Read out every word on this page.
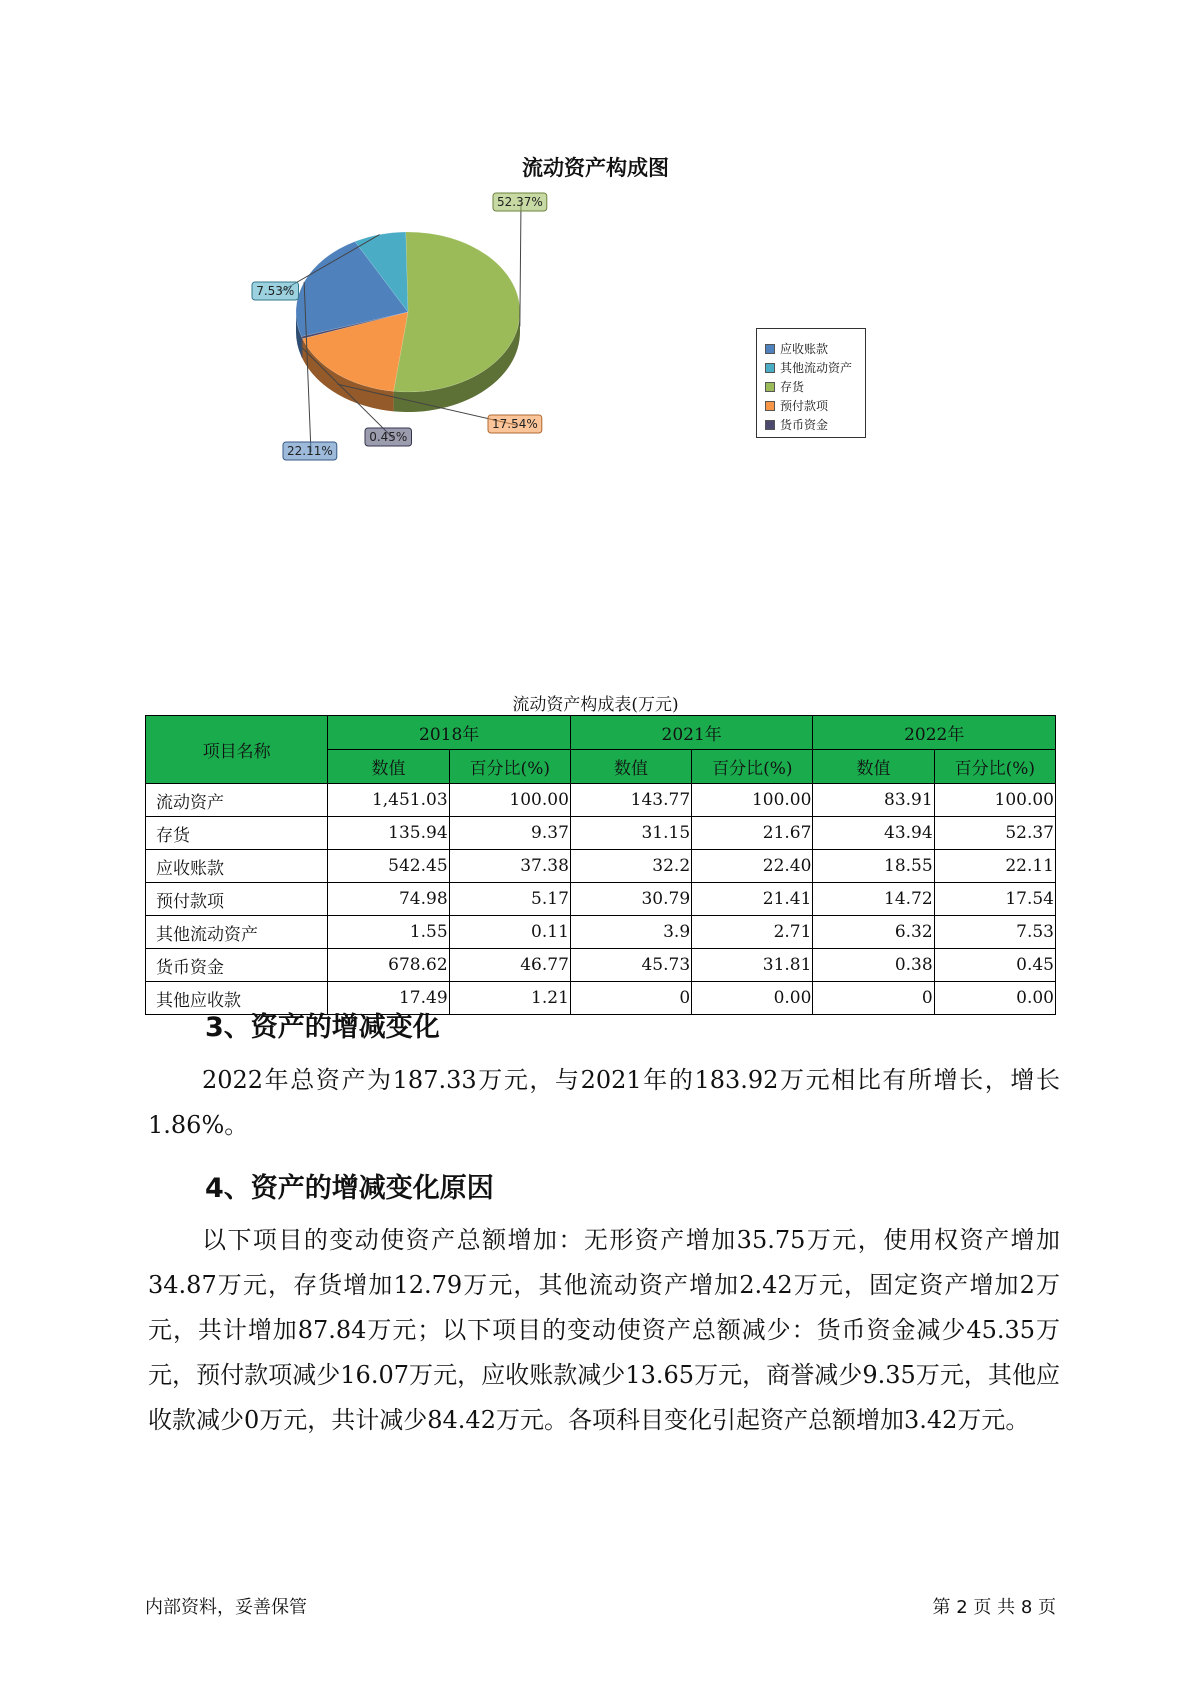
流动资产构成图
52.37%
17.54%
0.45%
22.11%
7.53%
应收账款
其他流动资产
存货
预付款项
货币资金
流动资产构成表(万元)
项目名称	2018年		2021年		2022年	
	数值	百分比(%)	数值	百分比(%)	数值	百分比(%)
流动资产	1,451.03	100.00	143.77	100.00	83.91	100.00
存货	135.94	9.37	31.15	21.67	43.94	52.37
应收账款	542.45	37.38	32.2	22.40	18.55	22.11
预付款项	74.98	5.17	30.79	21.41	14.72	17.54
其他流动资产	1.55	0.11	3.9	2.71	6.32	7.53
货币资金	678.62	46.77	45.73	31.81	0.38	0.45
其他应收款	17.49	1.21	0	0.00	0	0.00
3、资产的增减变化

2022年总资产为187.33万元，与2021年的183.92万元相比有所增长，增长1.86%。

4、资产的增减变化原因

以下项目的变动使资产总额增加：无形资产增加35.75万元，使用权资产增加34.87万元，存货增加12.79万元，其他流动资产增加2.42万元，固定资产增加2万元，共计增加87.84万元；以下项目的变动使资产总额减少：货币资金减少45.35万元，预付款项减少16.07万元，应收账款减少13.65万元，商誉减少9.35万元，其他应收款减少0万元，共计减少84.42万元。各项科目变化引起资产总额增加3.42万元。

内部资料，妥善保管	第 2 页 共 8 页
